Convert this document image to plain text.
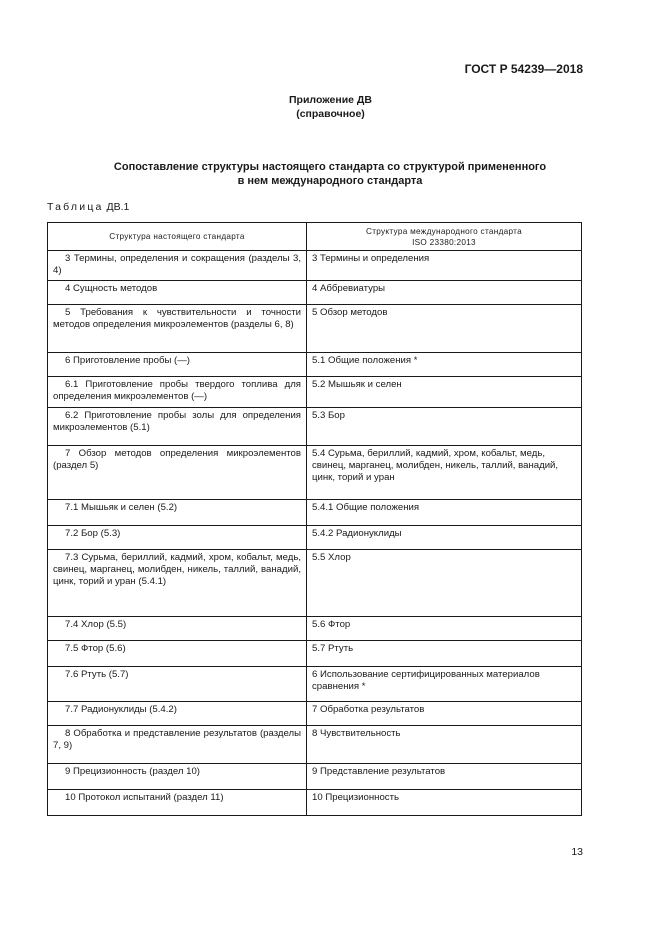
ГОСТ Р 54239—2018
Приложение ДВ
(справочное)
Сопоставление структуры настоящего стандарта со структурой примененного
в нем международного стандарта
Таблица ДВ.1
Структура настоящего стандарта	Структура международного стандарта
ISO 23380:2013

3 Термины, определения и сокращения (разделы 3, 4)	3 Термины и определения
4 Сущность методов	4 Аббревиатуры
5 Требования к чувствительности и точности методов определения микроэлементов (разделы 6, 8)	5 Обзор методов
6 Приготовление пробы (—)	5.1 Общие положения *
6.1 Приготовление пробы твердого топлива для определения микроэлементов (—)	5.2 Мышьяк и селен
6.2 Приготовление пробы золы для определения микроэлементов (5.1)	5.3 Бор
7 Обзор методов определения микроэлементов (раздел 5)	5.4 Сурьма, бериллий, кадмий, хром, кобальт, медь, свинец, марганец, молибден, никель, таллий, ванадий, цинк, торий и уран
7.1 Мышьяк и селен (5.2)	5.4.1 Общие положения
7.2 Бор (5.3)	5.4.2 Радионуклиды
7.3 Сурьма, бериллий, кадмий, хром, кобальт, медь, свинец, марганец, молибден, никель, таллий, ванадий, цинк, торий и уран (5.4.1)	5.5 Хлор
7.4 Хлор (5.5)	5.6 Фтор
7.5 Фтор (5.6)	5.7 Ртуть
7.6 Ртуть (5.7)	6 Использование сертифицированных материалов сравнения *
7.7 Радионуклиды (5.4.2)	7 Обработка результатов
8 Обработка и представление результатов (разделы 7, 9)	8 Чувствительность
9 Прецизионность (раздел 10)	9 Представление результатов
10 Протокол испытаний (раздел 11)	10 Прецизионность
13
